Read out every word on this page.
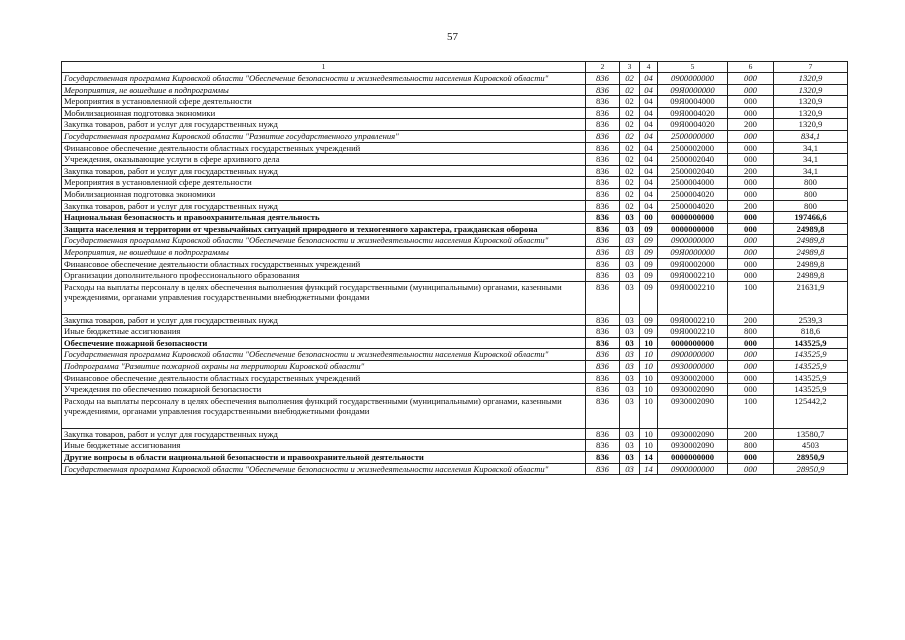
57
1	2	3	4	5	6	7
Государственная программа Кировской области "Обеспечение безопасности и жизнедеятельности населения Кировской области"	836	02	04	0900000000	000	1320,9
Мероприятия, не вошедшие в подпрограммы	836	02	04	09Я0000000	000	1320,9
Мероприятия в установленной сфере деятельности	836	02	04	09Я0004000	000	1320,9
Мобилизационная подготовка экономики	836	02	04	09Я0004020	000	1320,9
Закупка товаров, работ и услуг для государственных нужд	836	02	04	09Я0004020	200	1320,9
Государственная программа Кировской области "Развитие государственного управления"	836	02	04	2500000000	000	834,1
Финансовое обеспечение деятельности областных государственных учреждений	836	02	04	2500002000	000	34,1
Учреждения, оказывающие услуги в сфере архивного дела	836	02	04	2500002040	000	34,1
Закупка товаров, работ и услуг для государственных нужд	836	02	04	2500002040	200	34,1
Мероприятия в установленной сфере деятельности	836	02	04	2500004000	000	800
Мобилизационная подготовка экономики	836	02	04	2500004020	000	800
Закупка товаров, работ и услуг для государственных нужд	836	02	04	2500004020	200	800
Национальная безопасность и правоохранительная деятельность	836	03	00	0000000000	000	197466,6
Защита населения и территории от чрезвычайных ситуаций природного и техногенного характера, гражданская оборона	836	03	09	0000000000	000	24989,8
Государственная программа Кировской области "Обеспечение безопасности и жизнедеятельности населения Кировской области"	836	03	09	0900000000	000	24989,8
Мероприятия, не вошедшие в подпрограммы	836	03	09	09Я0000000	000	24989,8
Финансовое обеспечение деятельности областных государственных учреждений	836	03	09	09Я0002000	000	24989,8
Организации дополнительного профессионального образования	836	03	09	09Я0002210	000	24989,8
Расходы на выплаты персоналу в целях обеспечения выполнения функций государственными (муниципальными) органами, казенными учреждениями, органами управления государственными внебюджетными фондами	836	03	09	09Я0002210	100	21631,9
Закупка товаров, работ и услуг для государственных нужд	836	03	09	09Я0002210	200	2539,3
Иные бюджетные ассигнования	836	03	09	09Я0002210	800	818,6
Обеспечение пожарной безопасности	836	03	10	0000000000	000	143525,9
Государственная программа Кировской области "Обеспечение безопасности и жизнедеятельности населения Кировской области"	836	03	10	0900000000	000	143525,9
Подпрограмма "Развитие пожарной охраны на территории Кировской области"	836	03	10	0930000000	000	143525,9
Финансовое обеспечение деятельности областных государственных учреждений	836	03	10	0930002000	000	143525,9
Учреждения по обеспечению пожарной безопасности	836	03	10	0930002090	000	143525,9
Расходы на выплаты персоналу в целях обеспечения выполнения функций государственными (муниципальными) органами, казенными учреждениями, органами управления государственными внебюджетными фондами	836	03	10	0930002090	100	125442,2
Закупка товаров, работ и услуг для государственных нужд	836	03	10	0930002090	200	13580,7
Иные бюджетные ассигнования	836	03	10	0930002090	800	4503
Другие вопросы в области национальной безопасности и правоохранительной деятельности	836	03	14	0000000000	000	28950,9
Государственная программа Кировской области "Обеспечение безопасности и жизнедеятельности населения Кировской области"	836	03	14	0900000000	000	28950,9
